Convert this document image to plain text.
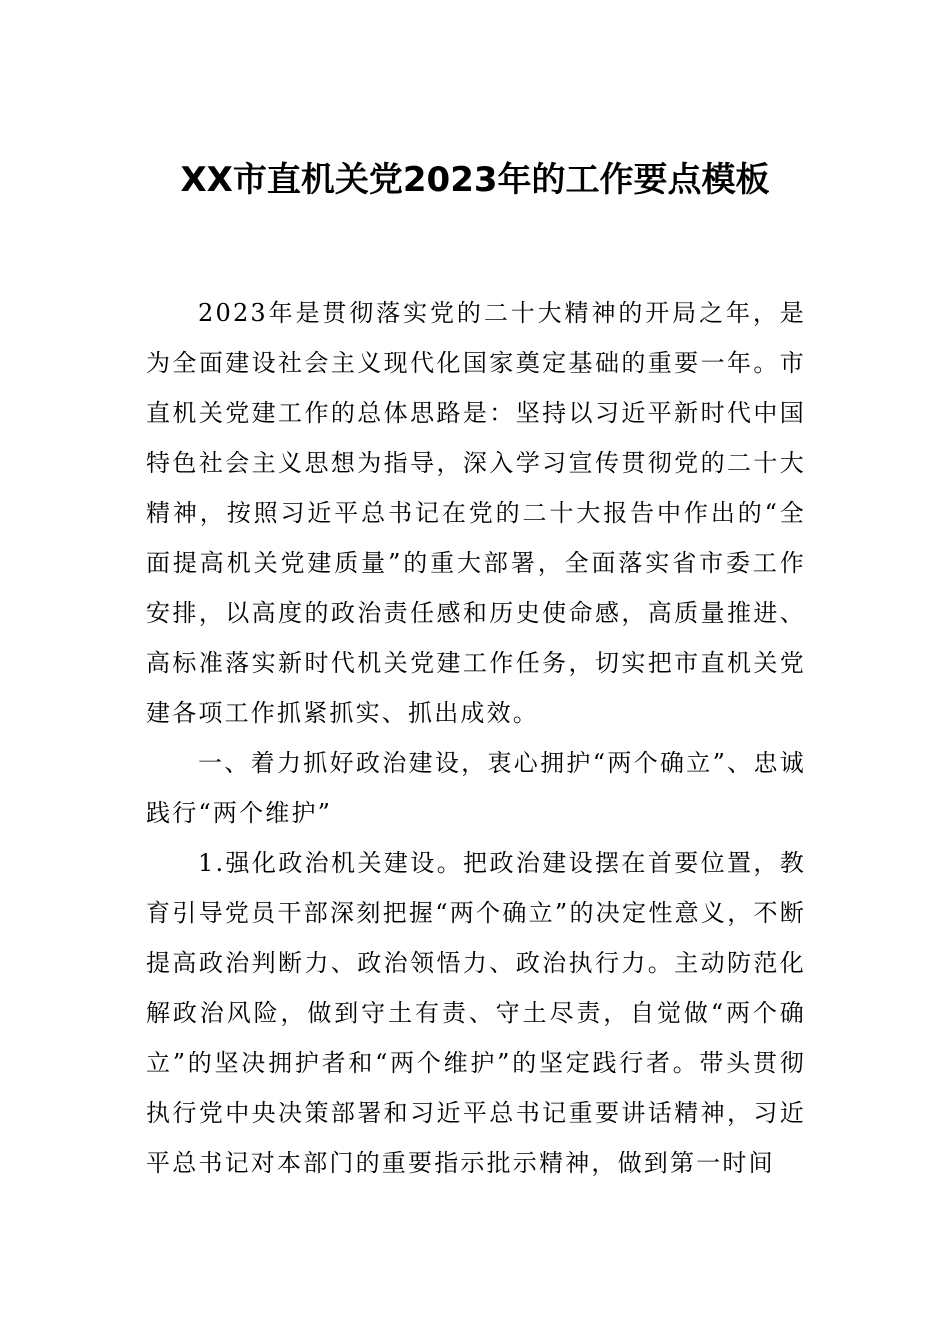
XX市直机关党2023年的工作要点模板

2023年是贯彻落实党的二十大精神的开局之年，是为全面建设社会主义现代化国家奠定基础的重要一年。市直机关党建工作的总体思路是：坚持以习近平新时代中国特色社会主义思想为指导，深入学习宣传贯彻党的二十大精神，按照习近平总书记在党的二十大报告中作出的“全面提高机关党建质量”的重大部署，全面落实省市委工作安排，以高度的政治责任感和历史使命感，高质量推进、高标准落实新时代机关党建工作任务，切实把市直机关党建各项工作抓紧抓实、抓出成效。

一、着力抓好政治建设，衷心拥护“两个确立”、忠诚践行“两个维护”

1.强化政治机关建设。把政治建设摆在首要位置，教育引导党员干部深刻把握“两个确立”的决定性意义，不断提高政治判断力、政治领悟力、政治执行力。主动防范化解政治风险，做到守土有责、守土尽责，自觉做“两个确立”的坚决拥护者和“两个维护”的坚定践行者。带头贯彻执行党中央决策部署和习近平总书记重要讲话精神，习近平总书记对本部门的重要指示批示精神，做到第一时间
